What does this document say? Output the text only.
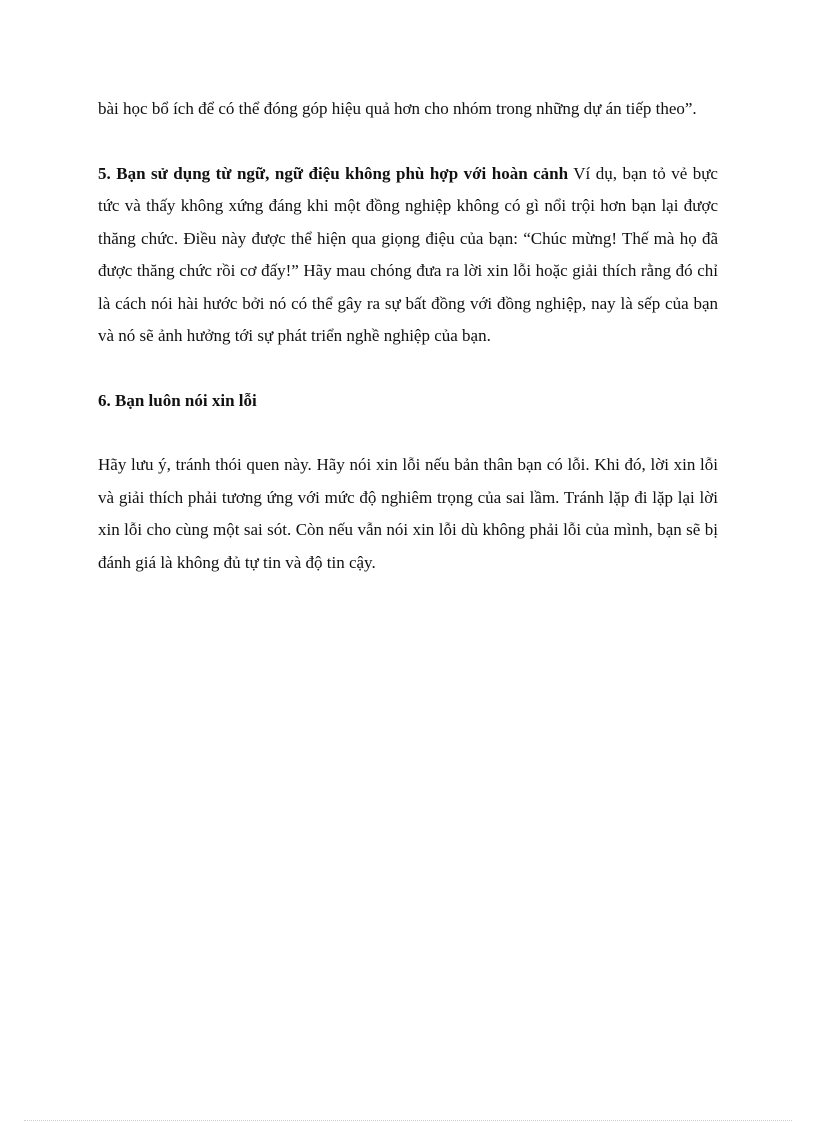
bài học bổ ích để có thể đóng góp hiệu quả hơn cho nhóm trong những dự án tiếp theo”.

5. Bạn sử dụng từ ngữ, ngữ điệu không phù hợp với hoàn cảnh Ví dụ, bạn tỏ vẻ bực tức và thấy không xứng đáng khi một đồng nghiệp không có gì nổi trội hơn bạn lại được thăng chức. Điều này được thể hiện qua giọng điệu của bạn: “Chúc mừng! Thế mà họ đã được thăng chức rồi cơ đấy!” Hãy mau chóng đưa ra lời xin lỗi hoặc giải thích rằng đó chỉ là cách nói hài hước bởi nó có thể gây ra sự bất đồng với đồng nghiệp, nay là sếp của bạn và nó sẽ ảnh hưởng tới sự phát triển nghề nghiệp của bạn.

6. Bạn luôn nói xin lỗi

Hãy lưu ý, tránh thói quen này. Hãy nói xin lỗi nếu bản thân bạn có lỗi. Khi đó, lời xin lỗi và giải thích phải tương ứng với mức độ nghiêm trọng của sai lầm. Tránh lặp đi lặp lại lời xin lỗi cho cùng một sai sót. Còn nếu vẫn nói xin lỗi dù không phải lỗi của mình, bạn sẽ bị đánh giá là không đủ tự tin và độ tin cậy.
